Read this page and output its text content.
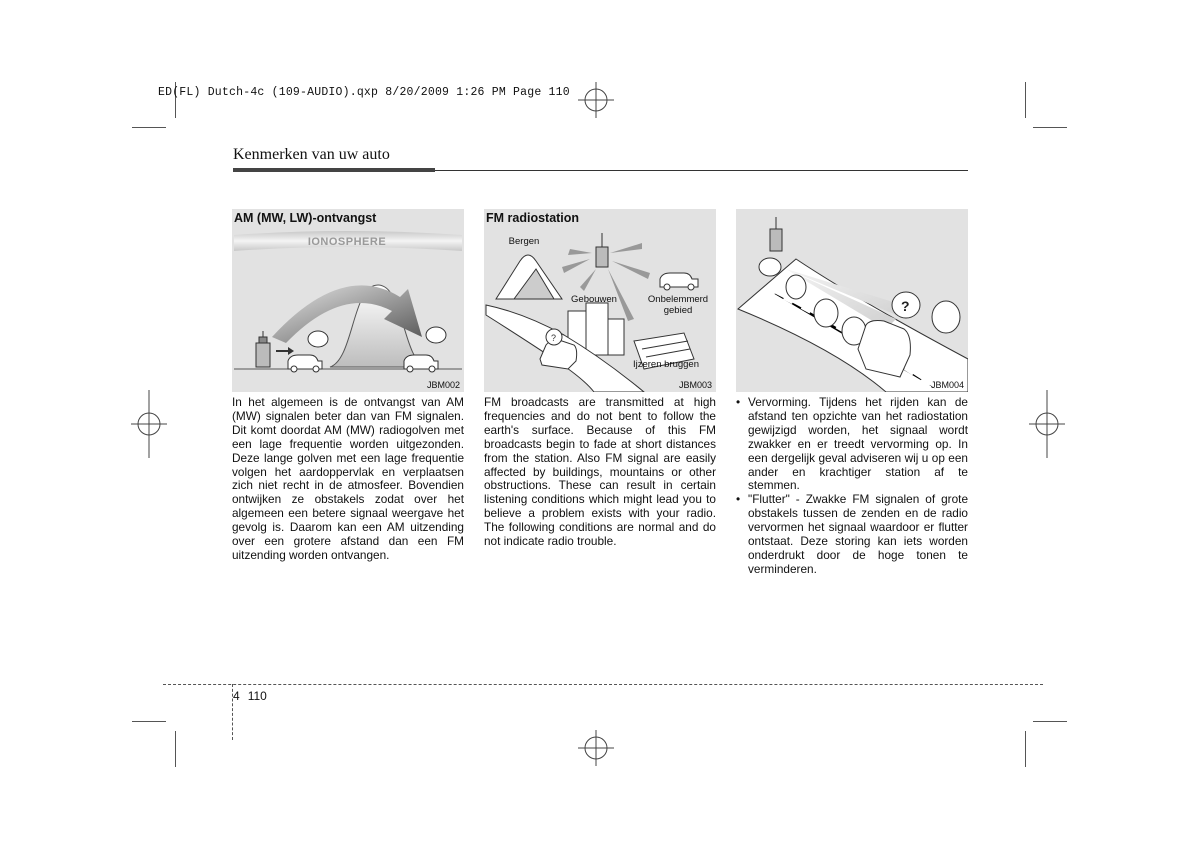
ED(FL) Dutch-4c (109-AUDIO).qxp 8/20/2009 1:26 PM Page 110
Kenmerken van uw auto
AM (MW, LW)-ontvangst
IONOSPHERE
JBM002
FM radiostation
?
Bergen
Gebouwen	Onbelemmerd gebied
Ijzeren bruggen
JBM003
?
JBM004

In het algemeen is de ontvangst van AM (MW) signalen beter dan van FM signalen. Dit komt doordat AM (MW) radiogolven met een lage frequentie worden uitgezonden. Deze lange golven met een lage frequentie volgen het aardoppervlak en verplaatsen zich niet recht in de atmosfeer. Bovendien ontwijken ze obstakels zodat over het algemeen een betere signaal weergave het gevolg is. Daarom kan een AM uitzending over een grotere afstand dan een FM uitzending worden ontvangen.

FM broadcasts are transmitted at high frequencies and do not bent to follow the earth's surface. Because of this FM broadcasts begin to fade at short distances from the station. Also FM signal are easily affected by buildings, mountains or other obstructions. These can result in certain listening conditions which might lead you to believe a problem exists with your radio. The following conditions are normal and do not indicate radio trouble.

• Vervorming. Tijdens het rijden kan de afstand ten opzichte van het radiostation gewijzigd worden, het signaal wordt zwakker en er treedt vervorming op. In een dergelijk geval adviseren wij u op een ander en krachtiger station af te stemmen.
• "Flutter" - Zwakke FM signalen of grote obstakels tussen de zenden en de radio vervormen het signaal waardoor er flutter ontstaat. Deze storing kan iets worden onderdrukt door de hoge tonen te verminderen.
4 110
